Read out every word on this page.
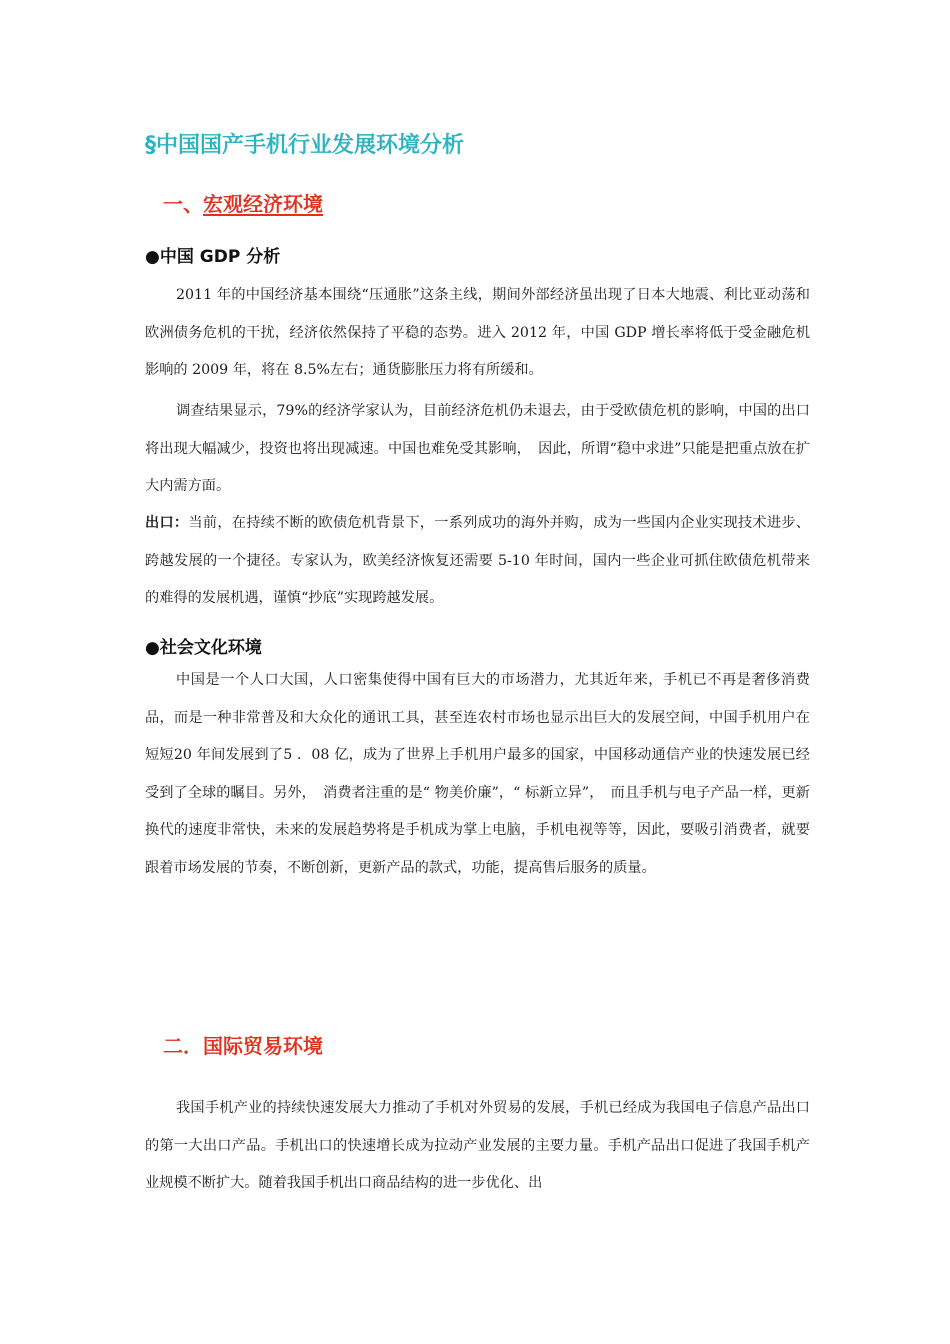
§中国国产手机行业发展环境分析
一、宏观经济环境
●中国 GDP 分析

2011 年的中国经济基本围绕“压通胀”这条主线，期间外部经济虽出现了日本大地震、利比亚动荡和欧洲债务危机的干扰，经济依然保持了平稳的态势。进入 2012 年，中国 GDP 增长率将低于受金融危机影响的 2009 年，将在 8.5%左右；通货膨胀压力将有所缓和。

调查结果显示，79%的经济学家认为，目前经济危机仍未退去，由于受欧债危机的影响，中国的出口将出现大幅减少，投资也将出现减速。中国也难免受其影响，　因此，所谓“稳中求进”只能是把重点放在扩大内需方面。

出口：当前，在持续不断的欧债危机背景下，一系列成功的海外并购，成为一些国内企业实现技术进步、跨越发展的一个捷径。专家认为，欧美经济恢复还需要 5-10 年时间，国内一些企业可抓住欧债危机带来的难得的发展机遇，谨慎“抄底”实现跨越发展。

●社会文化环境

中国是一个人口大国，人口密集使得中国有巨大的市场潜力，尤其近年来，手机已不再是奢侈消费品，而是一种非常普及和大众化的通讯工具，甚至连农村市场也显示出巨大的发展空间，中国手机用户在短短20 年间发展到了5 ．08 亿，成为了世界上手机用户最多的国家，中国移动通信产业的快速发展已经受到了全球的瞩目。另外，　消费者注重的是“ 物美价廉”，“ 标新立异”，　而且手机与电子产品一样，更新换代的速度非常快，未来的发展趋势将是手机成为掌上电脑，手机电视等等，因此，要吸引消费者，就要跟着市场发展的节奏，不断创新，更新产品的款式，功能，提高售后服务的质量。

二．国际贸易环境

我国手机产业的持续快速发展大力推动了手机对外贸易的发展，手机已经成为我国电子信息产品出口的第一大出口产品。手机出口的快速增长成为拉动产业发展的主要力量。手机产品出口促进了我国手机产业规模不断扩大。随着我国手机出口商品结构的进一步优化、出
